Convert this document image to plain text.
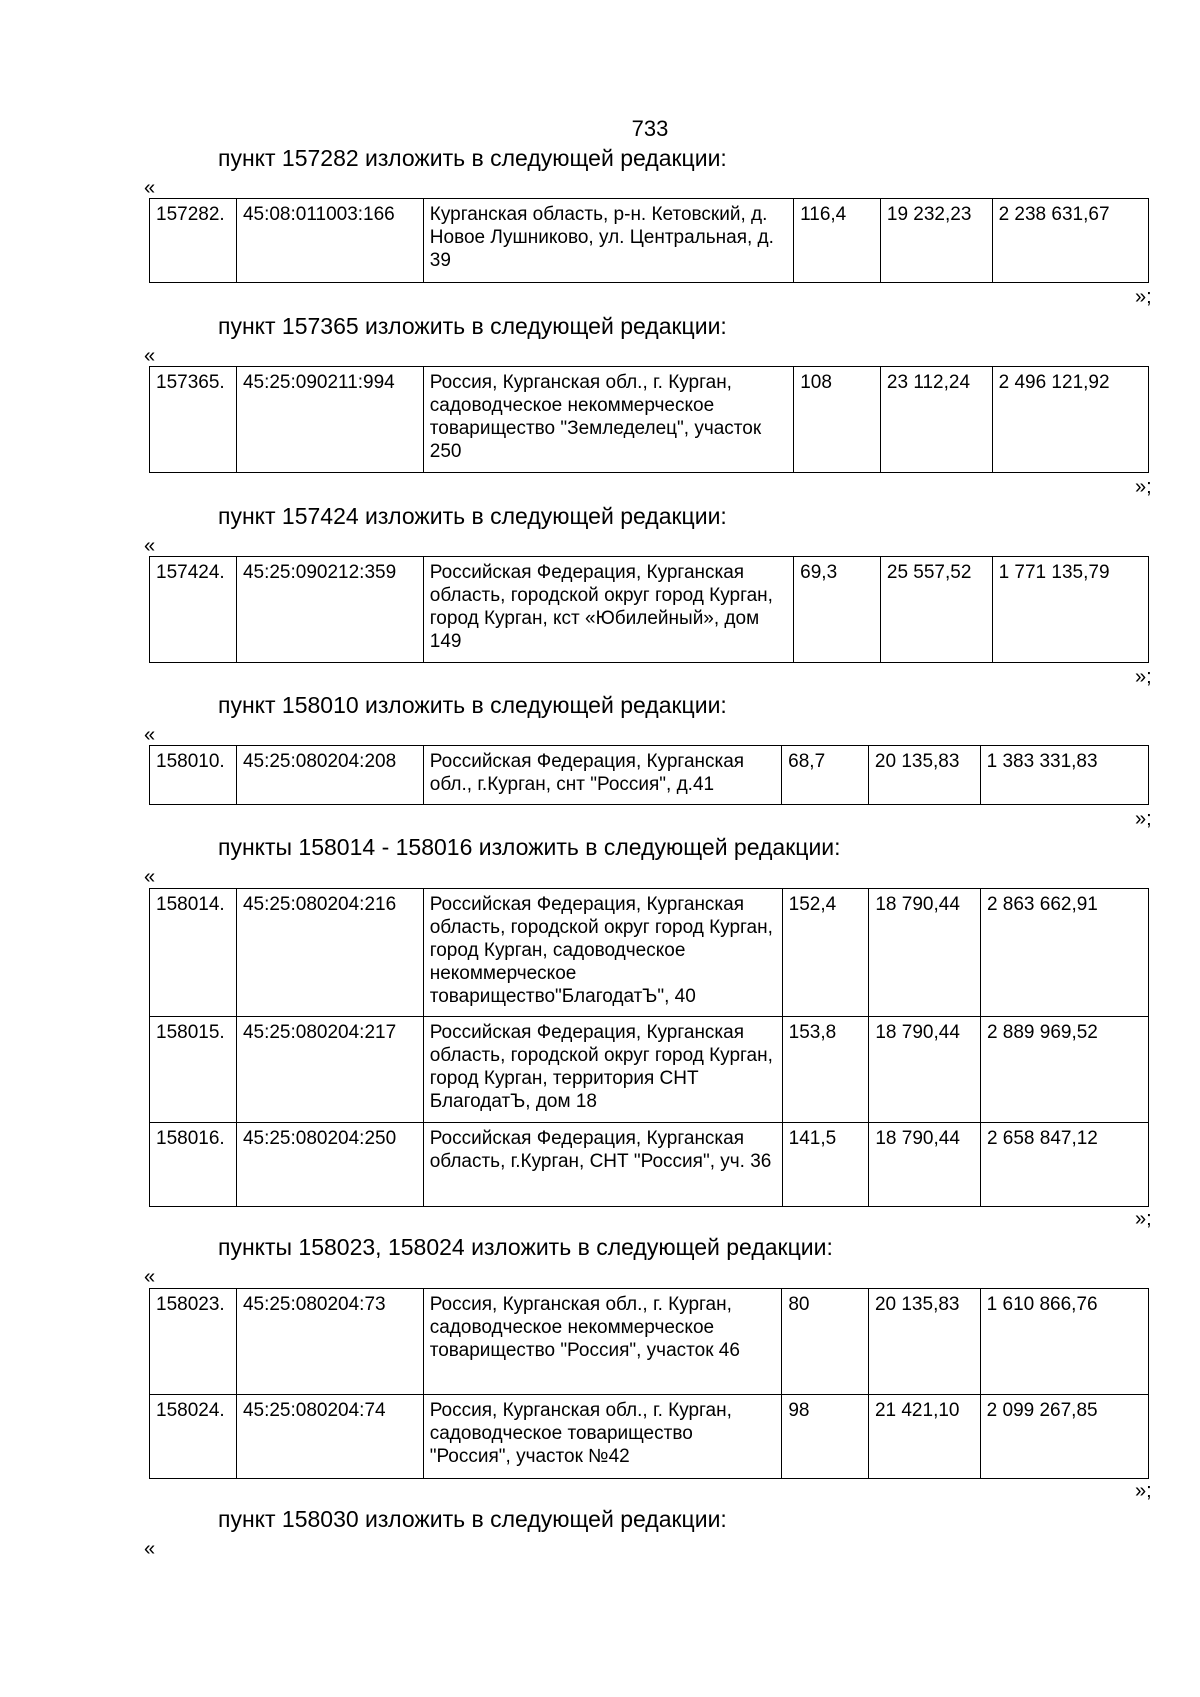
733
пункт 157282 изложить в следующей редакции:
«
157282.	45:08:011003:166	Курганская область, р-н. Кетовский, д. Новое Лушниково, ул. Центральная, д. 39	116,4	19 232,23	2 238 631,67
»;
пункт 157365 изложить в следующей редакции:
«
157365.	45:25:090211:994	Россия, Курганская обл., г. Курган, садоводческое некоммерческое товарищество "Земледелец", участок 250	108	23 112,24	2 496 121,92
»;
пункт 157424 изложить в следующей редакции:
«
157424.	45:25:090212:359	Российская Федерация, Курганская область, городской округ город Курган, город Курган, кст «Юбилейный», дом 149	69,3	25 557,52	1 771 135,79
»;
пункт 158010 изложить в следующей редакции:
«
158010.	45:25:080204:208	Российская Федерация, Курганская обл., г.Курган, снт "Россия", д.41	68,7	20 135,83	1 383 331,83
»;
пункты 158014 - 158016 изложить в следующей редакции:
«
158014.	45:25:080204:216	Российская Федерация, Курганская область, городской округ город Курган, город Курган, садоводческое некоммерческое товарищество"БлагодатЪ", 40	152,4	18 790,44	2 863 662,91
158015.	45:25:080204:217	Российская Федерация, Курганская область, городской округ город Курган, город Курган, территория СНТ БлагодатЪ, дом 18	153,8	18 790,44	2 889 969,52
158016.	45:25:080204:250	Российская Федерация, Курганская область, г.Курган, СНТ "Россия", уч. 36	141,5	18 790,44	2 658 847,12
»;
пункты 158023, 158024 изложить в следующей редакции:
«
158023.	45:25:080204:73	Россия, Курганская обл., г. Курган, садоводческое некоммерческое товарищество "Россия", участок 46	80	20 135,83	1 610 866,76
158024.	45:25:080204:74	Россия, Курганская обл., г. Курган, садоводческое товарищество "Россия", участок №42	98	21 421,10	2 099 267,85
»;
пункт 158030 изложить в следующей редакции:
«
